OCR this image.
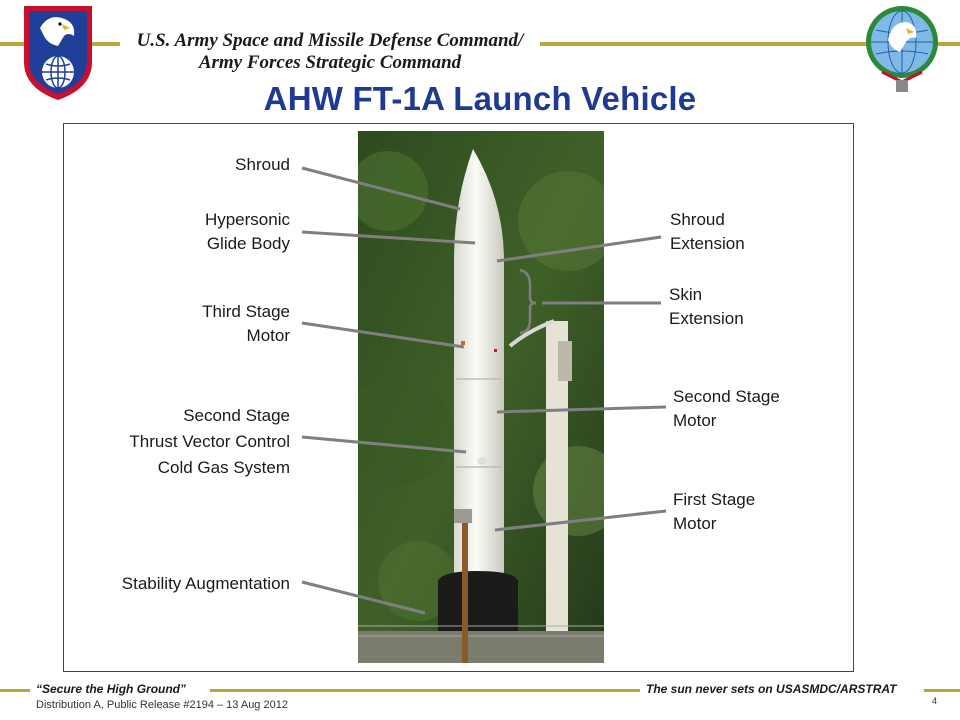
U.S. Army Space and Missile Defense Command/
Army Forces Strategic Command
AHW FT-1A Launch Vehicle
Shroud
Hypersonic
Glide Body
Third Stage
Motor
Second Stage
Thrust Vector Control
Cold Gas System
Stability Augmentation
Shroud
Extension
Skin
Extension
Second Stage
Motor
First Stage
Motor
“Secure the High Ground”	The sun never sets on USASMDC/ARSTRAT
Distribution A, Public Release #2194 – 13 Aug 2012	4
